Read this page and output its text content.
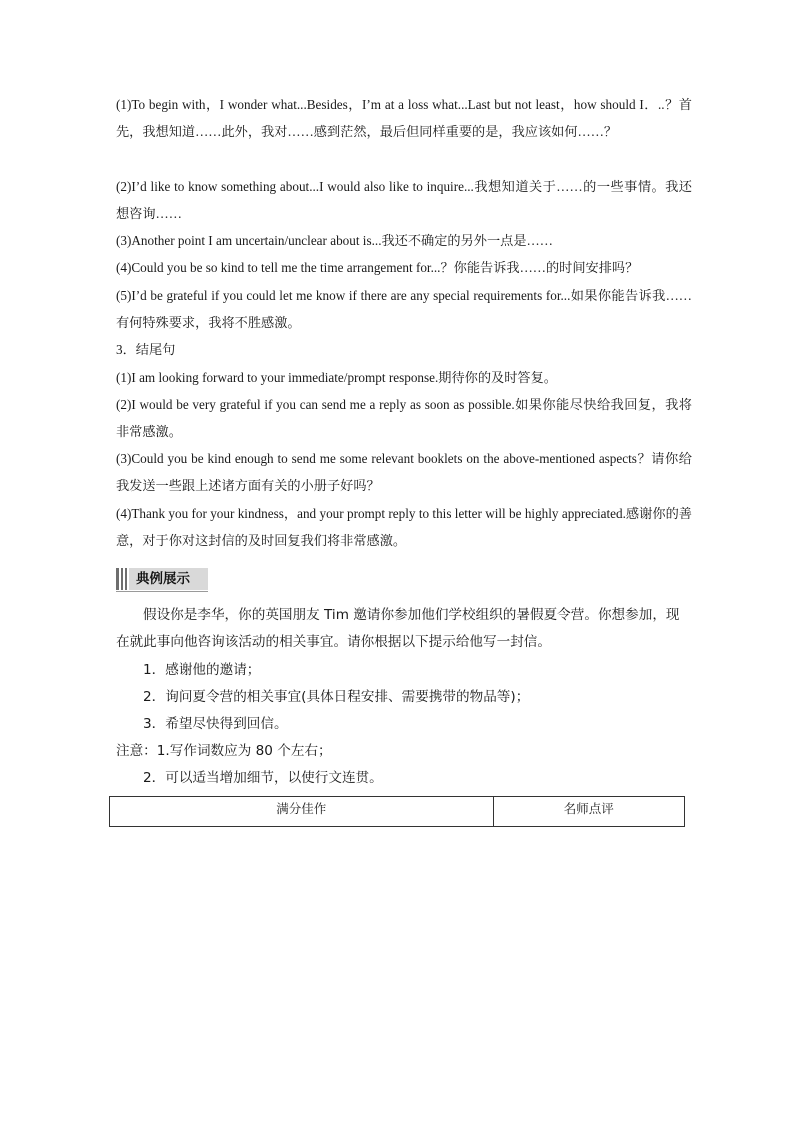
(1)To begin with，I wonder what...Besides，I’m at a loss what...Last but not least，how should I．..？首先，我想知道……此外，我对……感到茫然，最后但同样重要的是，我应该如何……？
(2)I’d like to know something about...I would also like to inquire...我想知道关于……的一些事情。我还想咨询……
(3)Another point I am uncertain/unclear about is...我还不确定的另外一点是……
(4)Could you be so kind to tell me the time arrangement for...？你能告诉我……的时间安排吗？
(5)I’d be grateful if you could let me know if there are any special requirements for...如果你能告诉我……有何特殊要求，我将不胜感激。
3．结尾句
(1)I am looking forward to your immediate/prompt response.期待你的及时答复。
(2)I would be very grateful if you can send me a reply as soon as possible.如果你能尽快给我回复，我将非常感激。
(3)Could you be kind enough to send me some relevant booklets on the above-mentioned aspects？请你给我发送一些跟上述诸方面有关的小册子好吗？
(4)Thank you for your kindness，and your prompt reply to this letter will be highly appreciated.感谢你的善意，对于你对这封信的及时回复我们将非常感激。
典例展示
假设你是李华，你的英国朋友 Tim 邀请你参加他们学校组织的暑假夏令营。你想参加，现在就此事向他咨询该活动的相关事宜。请你根据以下提示给他写一封信。
1．感谢他的邀请；
2．询问夏令营的相关事宜(具体日程安排、需要携带的物品等)；
3．希望尽快得到回信。
注意：1.写作词数应为 80 个左右；
2．可以适当增加细节，以使行文连贯。
满分佳作	名师点评
